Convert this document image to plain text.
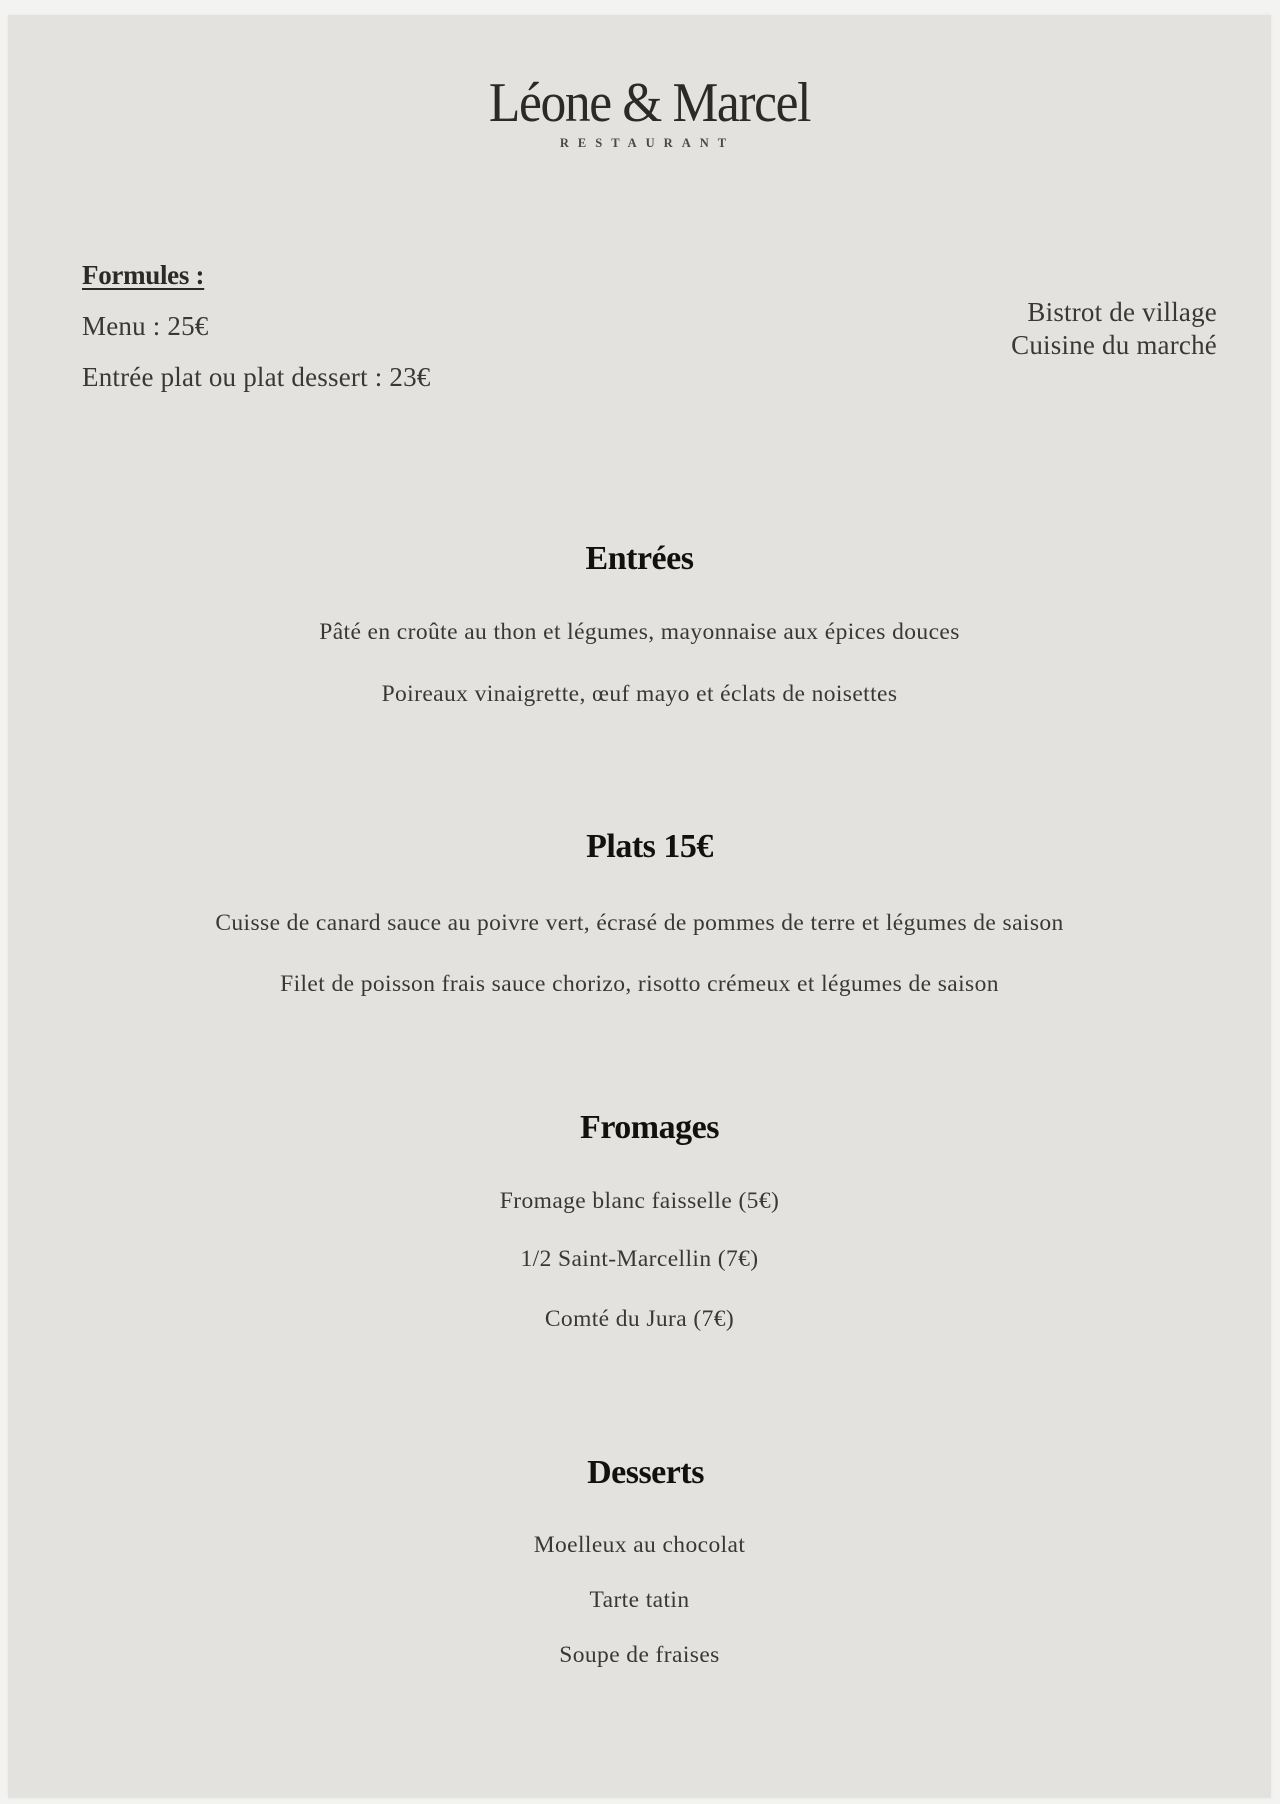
Léone & Marcel
RESTAURANT
Formules :
Menu : 25€
Entrée plat ou plat dessert : 23€
Bistrot de village
Cuisine du marché
Entrées
Pâté en croûte au thon et légumes, mayonnaise aux épices douces
Poireaux vinaigrette, œuf mayo et éclats de noisettes
Plats 15€
Cuisse de canard sauce au poivre vert, écrasé de pommes de terre et légumes de saison
Filet de poisson frais sauce chorizo, risotto crémeux et légumes de saison
Fromages
Fromage blanc faisselle (5€)
1/2 Saint-Marcellin (7€)
Comté du Jura (7€)
Desserts
Moelleux au chocolat
Tarte tatin
Soupe de fraises
